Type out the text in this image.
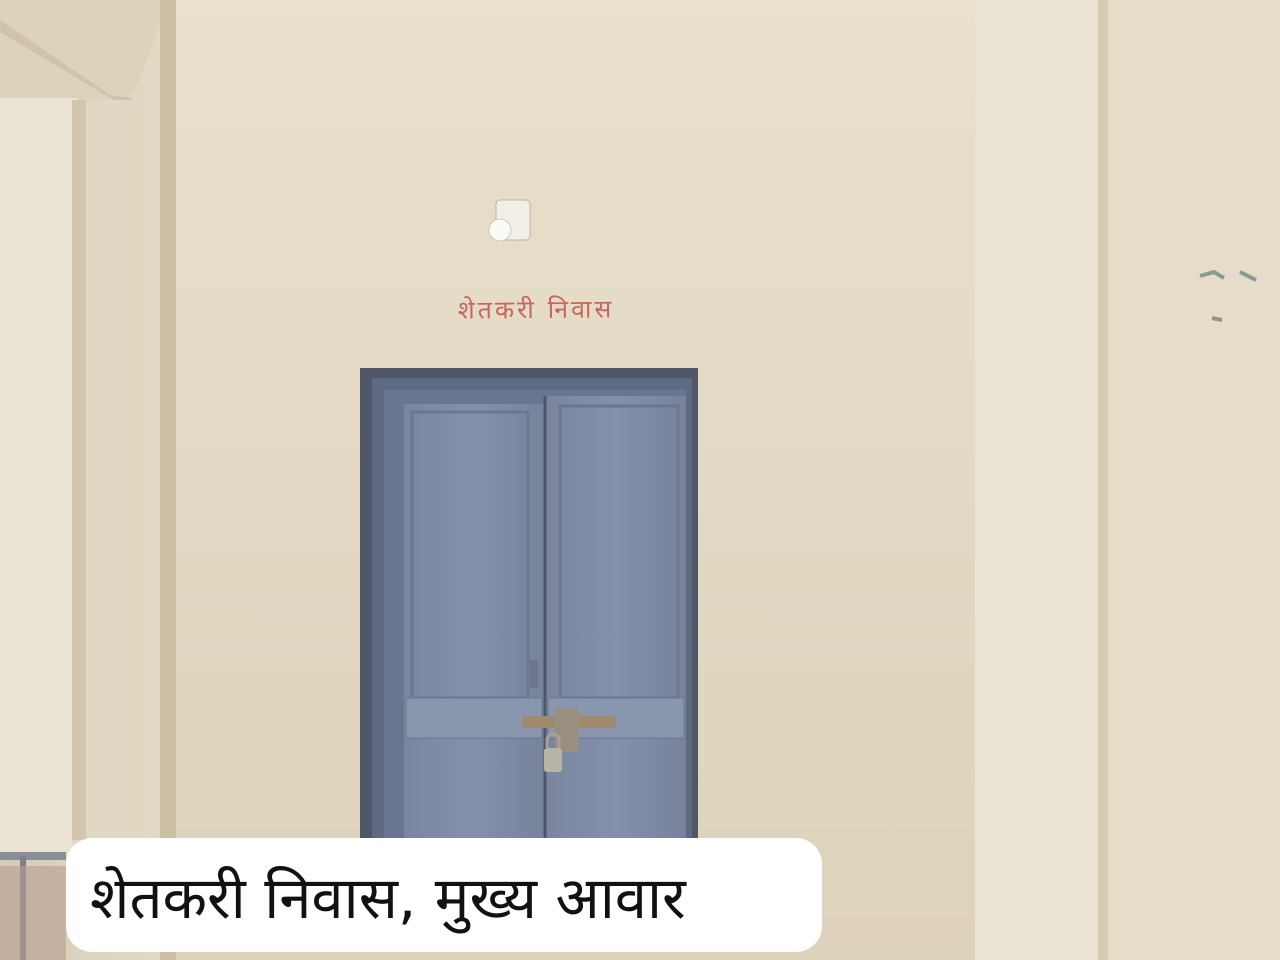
शेतकरी निवास
शेतकरी निवास, मुख्य आवार
